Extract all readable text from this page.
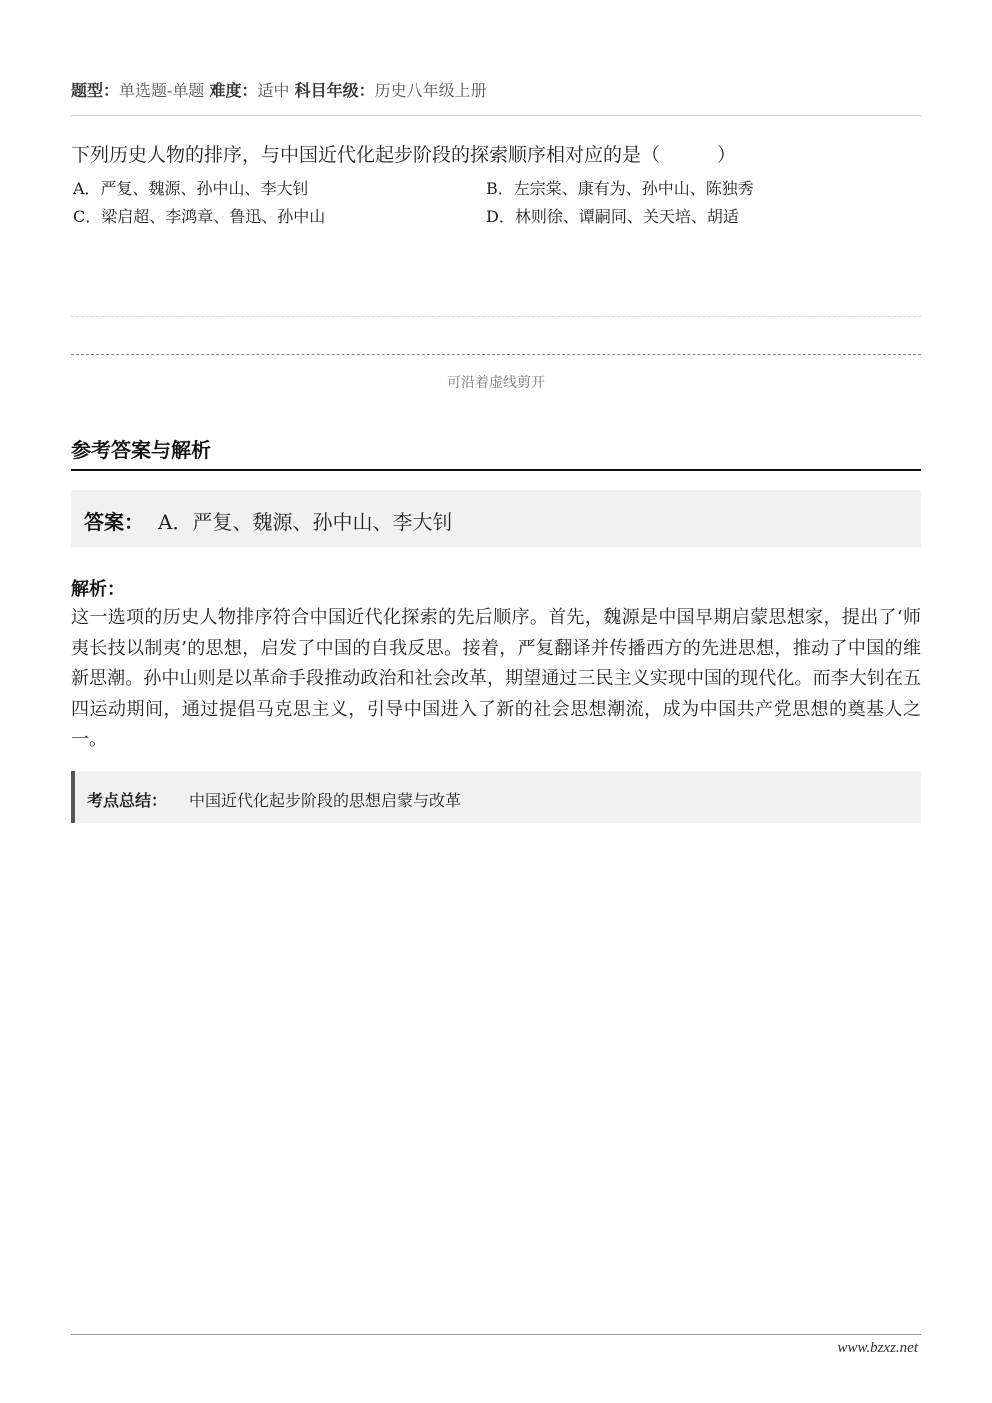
题型：单选题-单题 难度：适中 科目年级：历史八年级上册
下列历史人物的排序，与中国近代化起步阶段的探索顺序相对应的是（　　　）
A．严复、魏源、孙中山、李大钊	B．左宗棠、康有为、孙中山、陈独秀
C．梁启超、李鸿章、鲁迅、孙中山	D．林则徐、谭嗣同、关天培、胡适
可沿着虚线剪开
参考答案与解析
答案： A．严复、魏源、孙中山、李大钊
解析：
这一选项的历史人物排序符合中国近代化探索的先后顺序。首先，魏源是中国早期启蒙思想家，提出了‘师夷长技以制夷’的思想，启发了中国的自我反思。接着，严复翻译并传播西方的先进思想，推动了中国的维新思潮。孙中山则是以革命手段推动政治和社会改革，期望通过三民主义实现中国的现代化。而李大钊在五四运动期间，通过提倡马克思主义，引导中国进入了新的社会思想潮流，成为中国共产党思想的奠基人之一。
考点总结： 中国近代化起步阶段的思想启蒙与改革
www.bzxz.net
